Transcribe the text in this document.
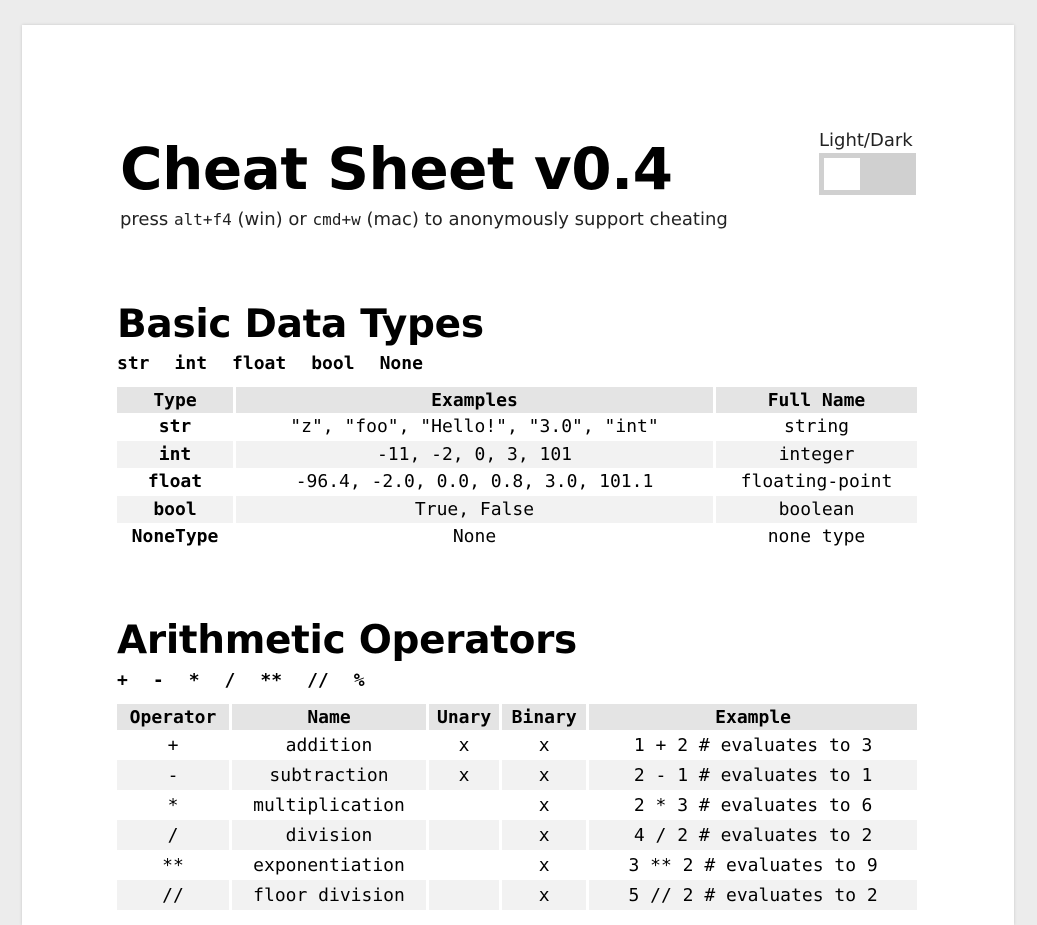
Cheat Sheet v0.4

press alt+f4 (win) or cmd+w (mac) to anonymously support cheating

Light/Dark
Basic Data Types

str int float bool None

Type	Examples	Full Name
str	"z", "foo", "Hello!", "3.0", "int"	string
int	-11, -2, 0, 3, 101	integer
float	-96.4, -2.0, 0.0, 0.8, 3.0, 101.1	floating-point
bool	True, False	boolean
NoneType	None	none type
Arithmetic Operators

+ - * / ** // %

Operator	Name	Unary	Binary	Example
+	addition	x	x	1 + 2 # evaluates to 3
-	subtraction	x	x	2 - 1 # evaluates to 1
*	multiplication		x	2 * 3 # evaluates to 6
/	division		x	4 / 2 # evaluates to 2
**	exponentiation		x	3 ** 2 # evaluates to 9
//	floor division		x	5 // 2 # evaluates to 2
